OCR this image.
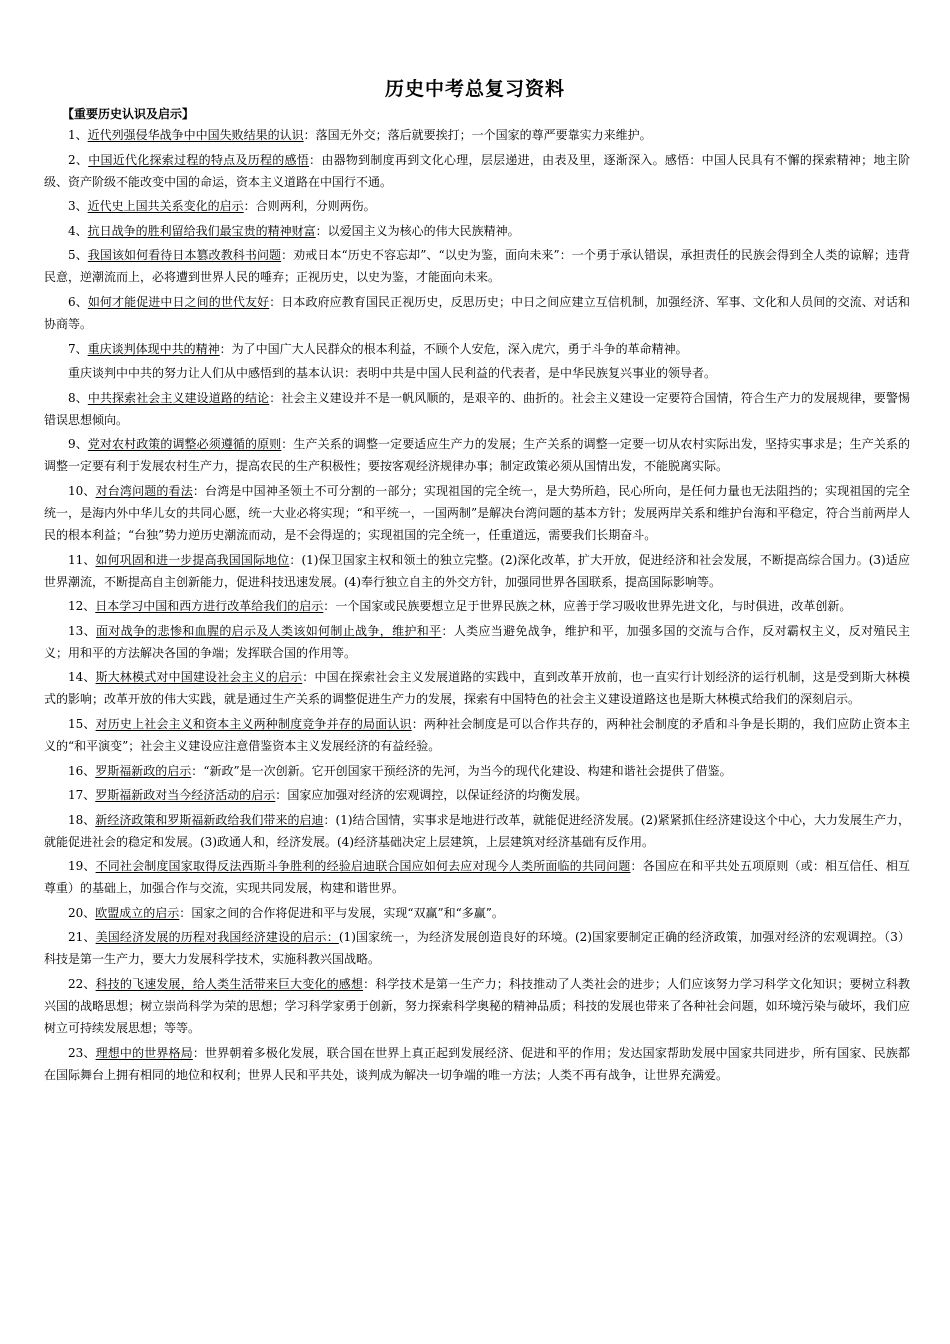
历史中考总复习资料
【重要历史认识及启示】

1、近代列强侵华战争中中国失败结果的认识：落国无外交；落后就要挨打；一个国家的尊严要靠实力来维护。

2、中国近代化探索过程的特点及历程的感悟：由器物到制度再到文化心理，层层递进，由表及里，逐渐深入。感悟：中国人民具有不懈的探索精神；地主阶级、资产阶级不能改变中国的命运，资本主义道路在中国行不通。

3、近代史上国共关系变化的启示：合则两利，分则两伤。

4、抗日战争的胜利留给我们最宝贵的精神财富：以爱国主义为核心的伟大民族精神。

5、我国该如何看待日本篡改教科书问题：劝戒日本“历史不容忘却”、“以史为鉴，面向未来”：一个勇于承认错误，承担责任的民族会得到全人类的谅解；违背民意，逆潮流而上，必将遭到世界人民的唾弃；正视历史，以史为鉴，才能面向未来。

6、如何才能促进中日之间的世代友好：日本政府应教育国民正视历史，反思历史；中日之间应建立互信机制，加强经济、军事、文化和人员间的交流、对话和协商等。

7、重庆谈判体现中共的精神：为了中国广大人民群众的根本利益，不顾个人安危，深入虎穴，勇于斗争的革命精神。

重庆谈判中中共的努力让人们从中感悟到的基本认识：表明中共是中国人民利益的代表者，是中华民族复兴事业的领导者。

8、中共探索社会主义建设道路的结论：社会主义建设并不是一帆风顺的，是艰辛的、曲折的。社会主义建设一定要符合国情，符合生产力的发展规律，要警惕错误思想倾向。

9、党对农村政策的调整必须遵循的原则：生产关系的调整一定要适应生产力的发展；生产关系的调整一定要一切从农村实际出发，坚持实事求是；生产关系的调整一定要有利于发展农村生产力，提高农民的生产积极性；要按客观经济规律办事；制定政策必须从国情出发，不能脱离实际。

10、对台湾问题的看法：台湾是中国神圣领土不可分割的一部分；实现祖国的完全统一，是大势所趋，民心所向，是任何力量也无法阻挡的；实现祖国的完全统一，是海内外中华儿女的共同心愿，统一大业必将实现；“和平统一，一国两制”是解决台湾问题的基本方针；发展两岸关系和维护台海和平稳定，符合当前两岸人民的根本利益；“台独”势力逆历史潮流而动，是不会得逞的；实现祖国的完全统一，任重道远，需要我们长期奋斗。

11、如何巩固和进一步提高我国国际地位：(1)保卫国家主权和领土的独立完整。(2)深化改革，扩大开放，促进经济和社会发展，不断提高综合国力。(3)适应世界潮流，不断提高自主创新能力，促进科技迅速发展。(4)奉行独立自主的外交方针，加强同世界各国联系，提高国际影响等。

12、日本学习中国和西方进行改革给我们的启示：一个国家或民族要想立足于世界民族之林，应善于学习吸收世界先进文化，与时俱进，改革创新。

13、面对战争的悲惨和血腥的启示及人类该如何制止战争，维护和平：人类应当避免战争，维护和平，加强多国的交流与合作，反对霸权主义，反对殖民主义；用和平的方法解决各国的争端；发挥联合国的作用等。

14、斯大林模式对中国建设社会主义的启示：中国在探索社会主义发展道路的实践中，直到改革开放前，也一直实行计划经济的运行机制，这是受到斯大林模式的影响；改革开放的伟大实践，就是通过生产关系的调整促进生产力的发展，探索有中国特色的社会主义建设道路这也是斯大林模式给我们的深刻启示。

15、对历史上社会主义和资本主义两种制度竞争并存的局面认识：两种社会制度是可以合作共存的，两种社会制度的矛盾和斗争是长期的，我们应防止资本主义的“和平演变”；社会主义建设应注意借鉴资本主义发展经济的有益经验。

16、罗斯福新政的启示：“新政”是一次创新。它开创国家干预经济的先河，为当今的现代化建设、构建和谐社会提供了借鉴。

17、罗斯福新政对当今经济活动的启示：国家应加强对经济的宏观调控，以保证经济的均衡发展。

18、新经济政策和罗斯福新政给我们带来的启迪：(1)结合国情，实事求是地进行改革，就能促进经济发展。(2)紧紧抓住经济建设这个中心，大力发展生产力，就能促进社会的稳定和发展。(3)政通人和，经济发展。(4)经济基础决定上层建筑，上层建筑对经济基础有反作用。

19、不同社会制度国家取得反法西斯斗争胜利的经验启迪联合国应如何去应对现今人类所面临的共同问题：各国应在和平共处五项原则（或：相互信任、相互尊重）的基础上，加强合作与交流，实现共同发展，构建和谐世界。

20、欧盟成立的启示：国家之间的合作将促进和平与发展，实现“双赢”和“多赢”。

21、美国经济发展的历程对我国经济建设的启示：(1)国家统一，为经济发展创造良好的环境。(2)国家要制定正确的经济政策，加强对经济的宏观调控。（3）科技是第一生产力，要大力发展科学技术，实施科教兴国战略。

22、科技的飞速发展，给人类生活带来巨大变化的感想：科学技术是第一生产力；科技推动了人类社会的进步；人们应该努力学习科学文化知识；要树立科教兴国的战略思想；树立崇尚科学为荣的思想；学习科学家勇于创新，努力探索科学奥秘的精神品质；科技的发展也带来了各种社会问题，如环境污染与破坏，我们应树立可持续发展思想；等等。

23、理想中的世界格局：世界朝着多极化发展，联合国在世界上真正起到发展经济、促进和平的作用；发达国家帮助发展中国家共同进步，所有国家、民族都在国际舞台上拥有相同的地位和权利；世界人民和平共处，谈判成为解决一切争端的唯一方法；人类不再有战争，让世界充满爱。
